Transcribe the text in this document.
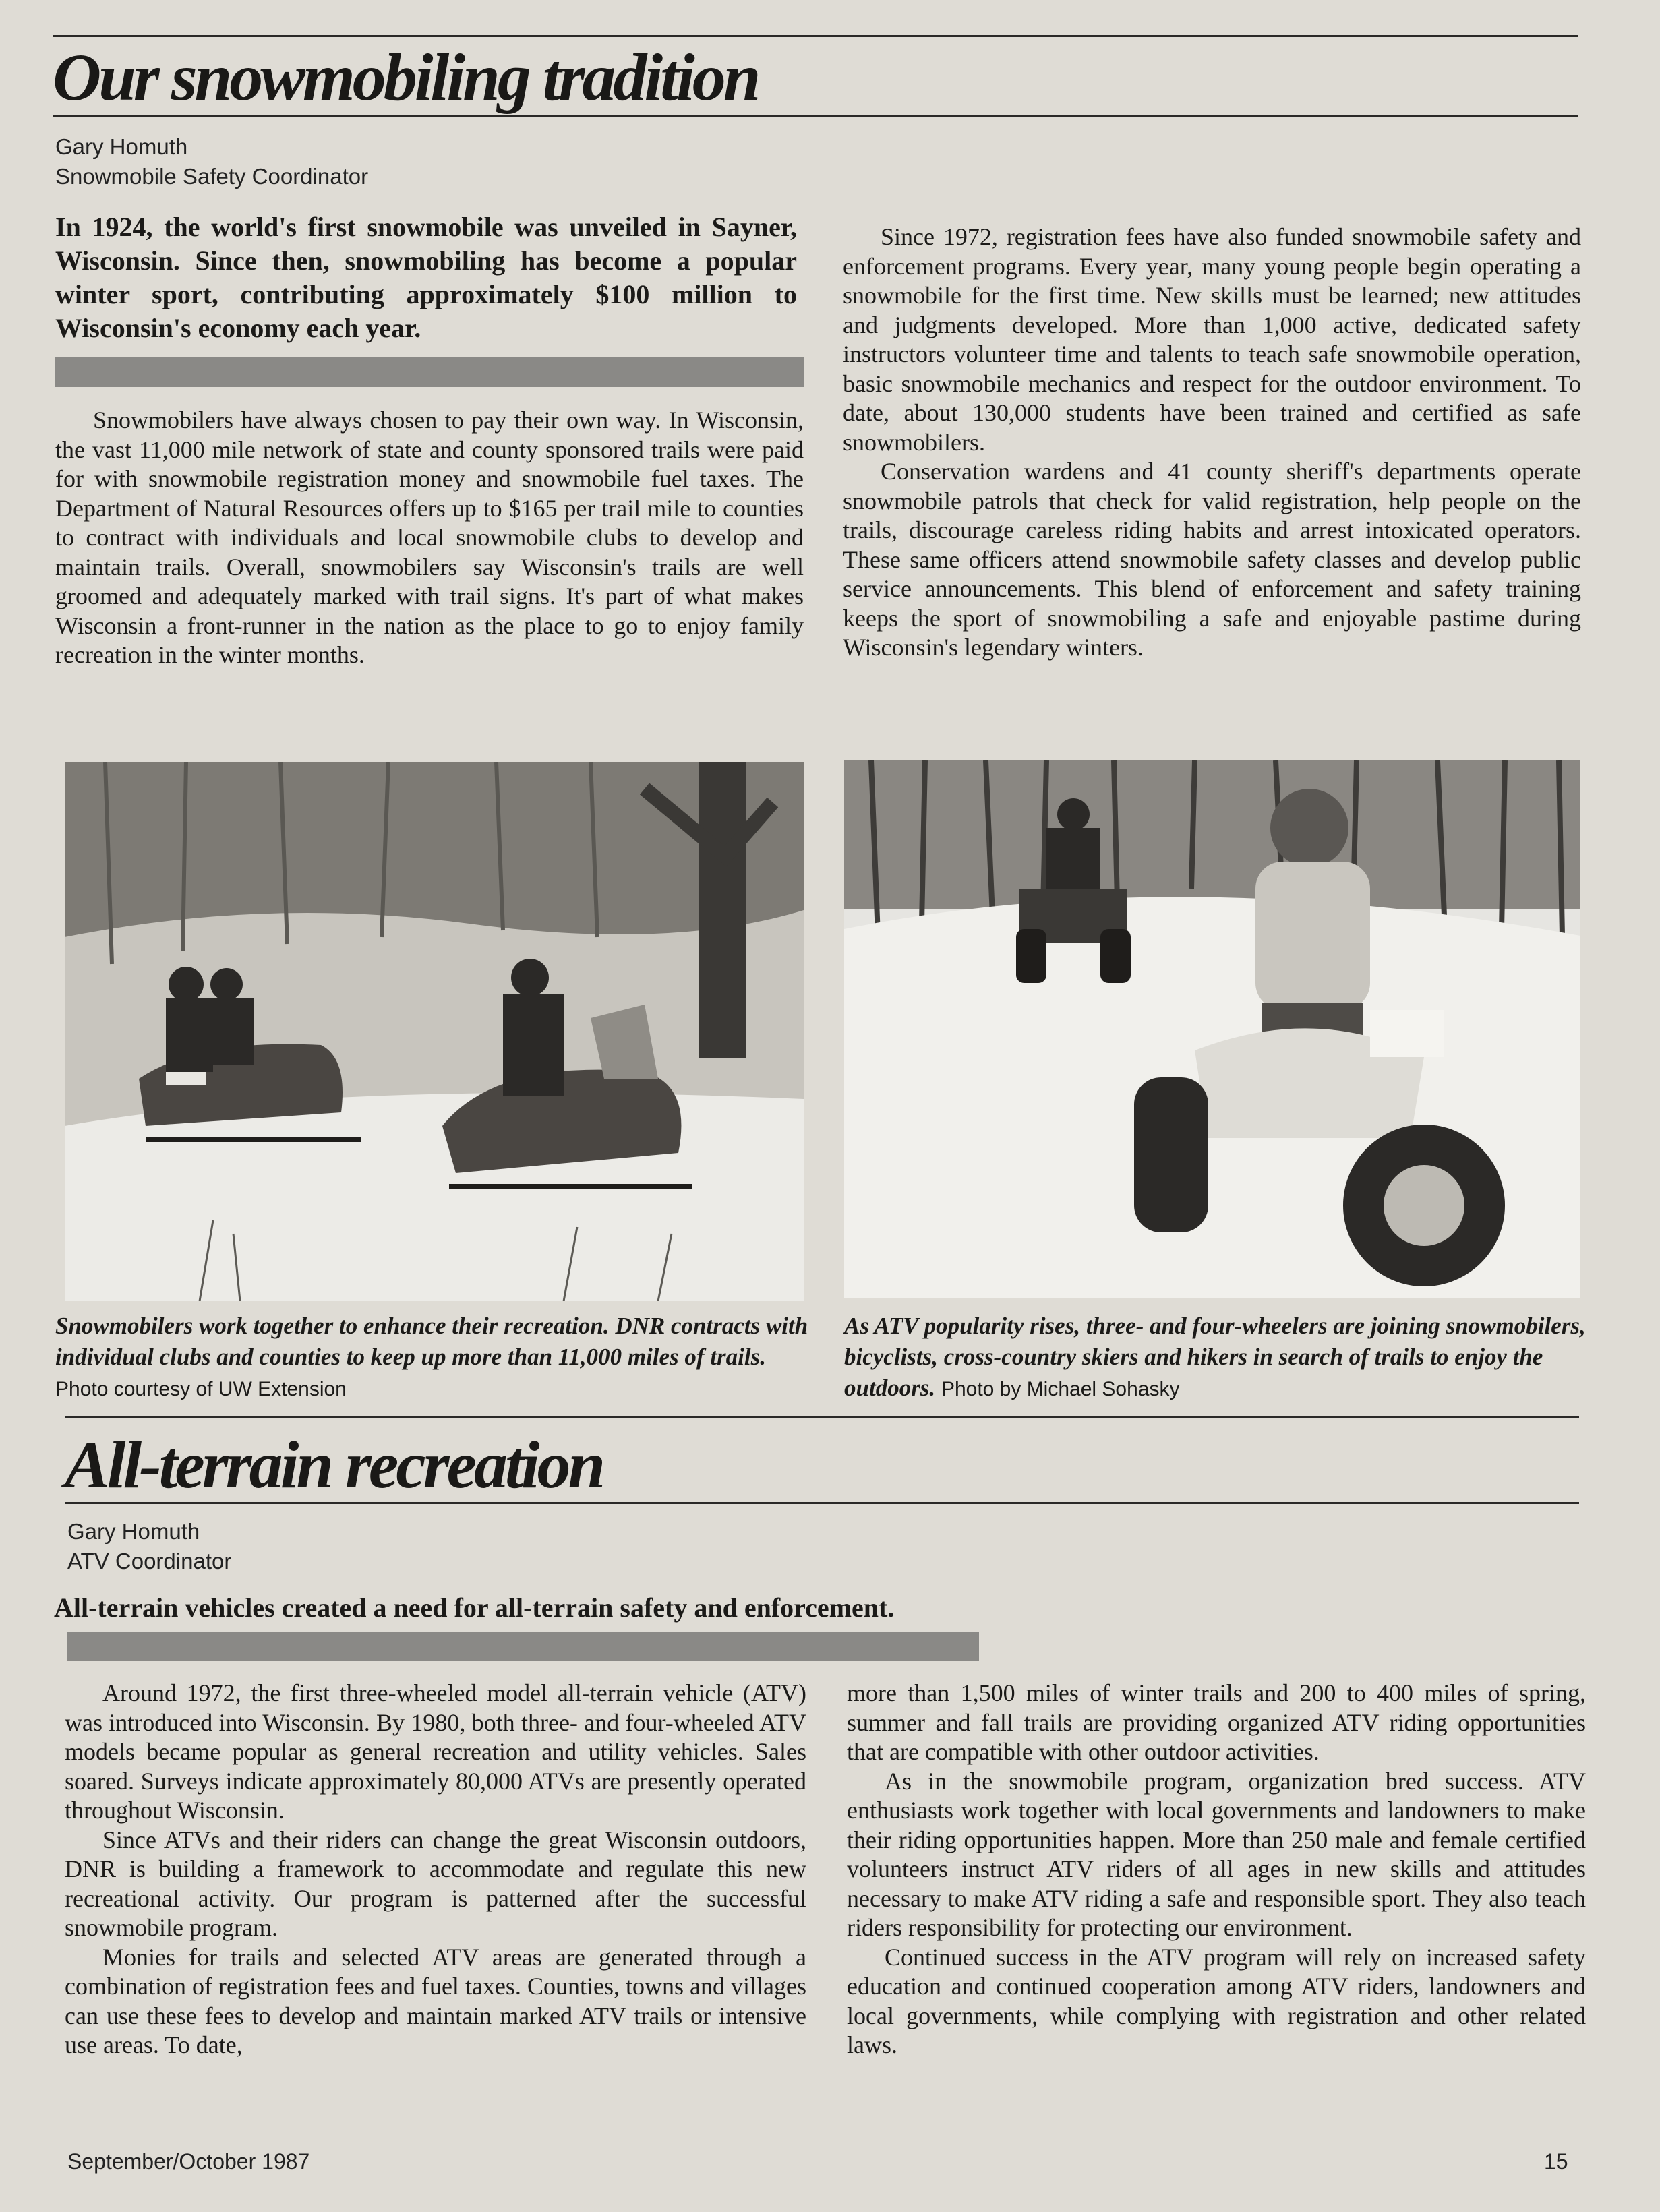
Our snowmobiling tradition
Gary Homuth
Snowmobile Safety Coordinator
In 1924, the world's first snowmobile was unveiled in Sayner, Wisconsin. Since then, snowmobiling has become a popular winter sport, contributing approximately $100 million to Wisconsin's economy each year.

Snowmobilers have always chosen to pay their own way. In Wisconsin, the vast 11,000 mile network of state and county sponsored trails were paid for with snowmobile registration money and snowmobile fuel taxes. The Department of Natural Resources offers up to $165 per trail mile to counties to contract with individuals and local snowmobile clubs to develop and maintain trails. Overall, snowmobilers say Wisconsin's trails are well groomed and adequately marked with trail signs. It's part of what makes Wisconsin a front-runner in the nation as the place to go to enjoy family recreation in the winter months.

Since 1972, registration fees have also funded snowmobile safety and enforcement programs. Every year, many young people begin operating a snowmobile for the first time. New skills must be learned; new attitudes and judgments developed. More than 1,000 active, dedicated safety instructors volunteer time and talents to teach safe snowmobile operation, basic snowmobile mechanics and respect for the outdoor environment. To date, about 130,000 students have been trained and certified as safe snowmobilers.

Conservation wardens and 41 county sheriff's departments operate snowmobile patrols that check for valid registration, help people on the trails, discourage careless riding habits and arrest intoxicated operators. These same officers attend snowmobile safety classes and develop public service announcements. This blend of enforcement and safety training keeps the sport of snowmobiling a safe and enjoyable pastime during Wisconsin's legendary winters.

Snowmobilers work together to enhance their recreation. DNR contracts with individual clubs and counties to keep up more than 11,000 miles of trails. Photo courtesy of UW Extension
As ATV popularity rises, three- and four-wheelers are joining snowmobilers, bicyclists, cross-country skiers and hikers in search of trails to enjoy the outdoors. Photo by Michael Sohasky
All-terrain recreation
Gary Homuth
ATV Coordinator
All-terrain vehicles created a need for all-terrain safety and enforcement.

Around 1972, the first three-wheeled model all-terrain vehicle (ATV) was introduced into Wisconsin. By 1980, both three- and four-wheeled ATV models became popular as general recreation and utility vehicles. Sales soared. Surveys indicate approximately 80,000 ATVs are presently operated throughout Wisconsin.

Since ATVs and their riders can change the great Wisconsin outdoors, DNR is building a framework to accommodate and regulate this new recreational activity. Our program is patterned after the successful snowmobile program.

Monies for trails and selected ATV areas are generated through a combination of registration fees and fuel taxes. Counties, towns and villages can use these fees to develop and maintain marked ATV trails or intensive use areas. To date,

more than 1,500 miles of winter trails and 200 to 400 miles of spring, summer and fall trails are providing organized ATV riding opportunities that are compatible with other outdoor activities.

As in the snowmobile program, organization bred success. ATV enthusiasts work together with local governments and landowners to make their riding opportunities happen. More than 250 male and female certified volunteers instruct ATV riders of all ages in new skills and attitudes necessary to make ATV riding a safe and responsible sport. They also teach riders responsibility for protecting our environment.

Continued success in the ATV program will rely on increased safety education and continued cooperation among ATV riders, landowners and local governments, while complying with registration and other related laws.

September/October 1987	15
